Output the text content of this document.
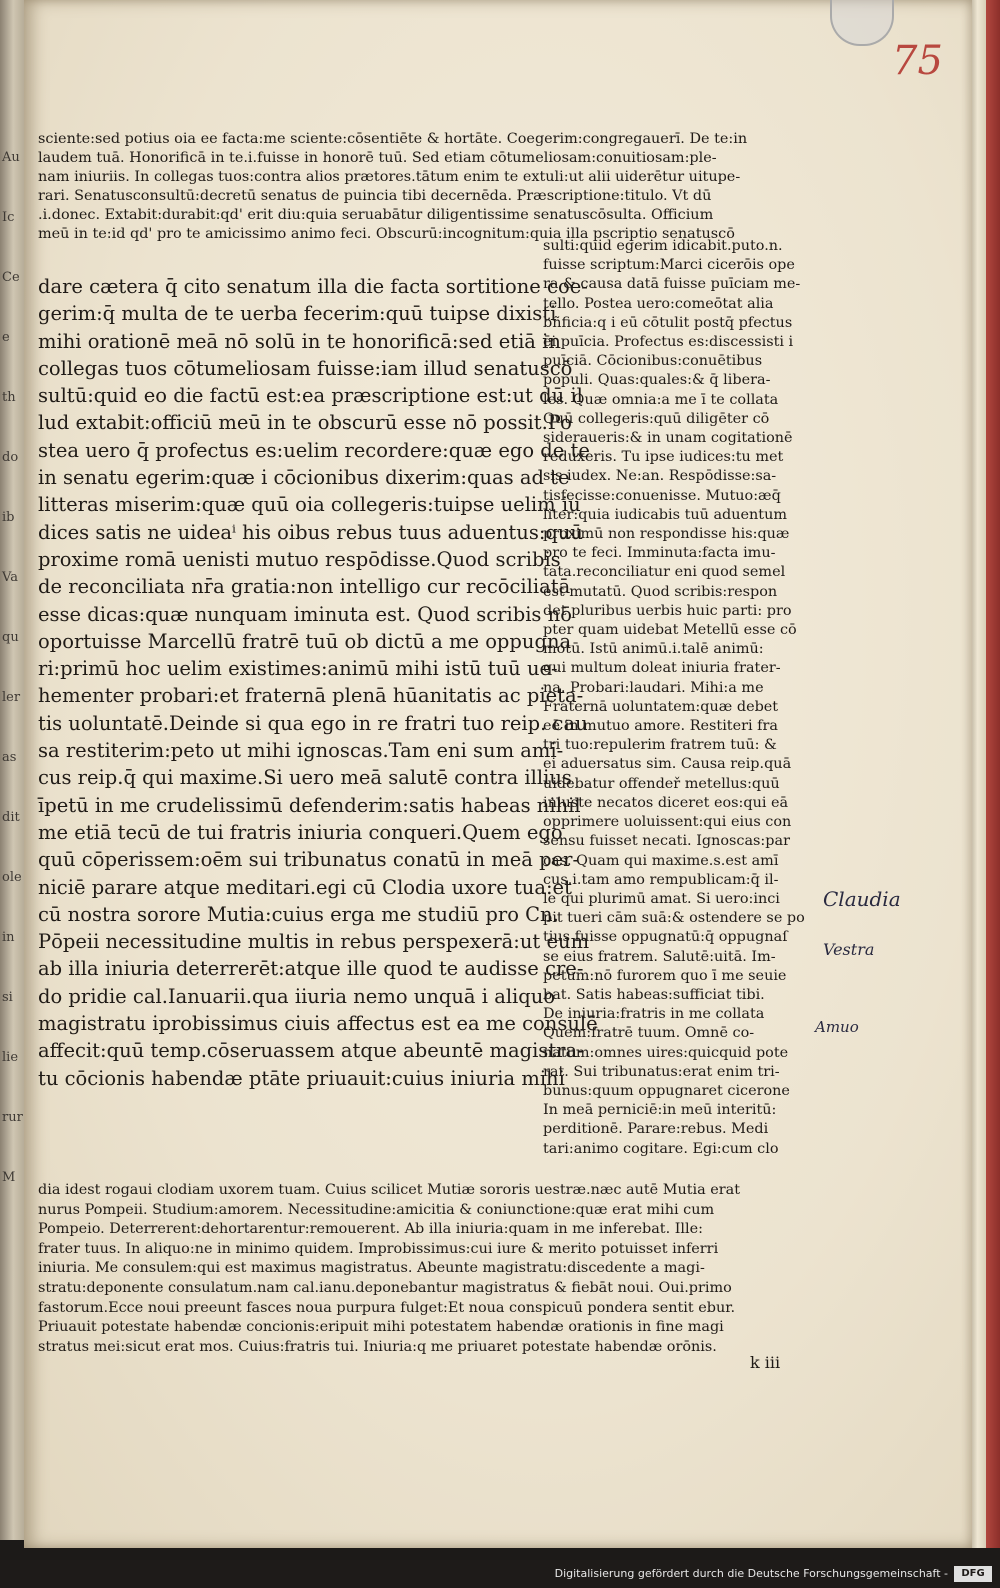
Au
Ic
Ce
e
th
do
ib
Va
qu
ler
as
dit
ole
in
si
lie
rur
M
75
sciente:sed potius oia ee facta:me sciente:cōsentiēte & hortāte. Coegerim:congregauerī. De te:in
laudem tuā. Honorificā in te.i.fuisse in honorē tuū. Sed etiam cōtumeliosam:conuitiosam:ple-
nam iniuriis. In collegas tuos:contra alios prætores.tātum enim te extuli:ut alii uiderētur uitupe-
rari. Senatusconsultū:decretū senatus de puincia tibi decernēda. Præscriptione:titulo. Vt dū
.i.donec. Extabit:durabit:qd' erit diu:quia seruabātur diligentissime senatuscōsulta. Officium
meū in te:id qd' pro te amicissimo animo feci. Obscurū:incognitum:quia illa pscriptio senatuscō
dare cætera q̄ cito senatum illa die facta sortitione coe-
gerim:q̄ multa de te uerba fecerim:quū tuipse dixisti
mihi orationē meā nō solū in te honorificā:sed etiā in
collegas tuos cōtumeliosam fuisse:iam illud senatuscō
sultū:quid eo die factū est:ea præscriptione est:ut dū il
lud extabit:officiū meū in te obscurū esse nō possit.Po
stea uero q̄ profectus es:uelim recordere:quæ ego de te
in senatu egerim:quæ i cōcionibus dixerim:quas ad te
litteras miserim:quæ quū oia collegeris:tuipse uelim iu
dices satis ne uideaⁱ his oibus rebus tuus aduentus:quū
proxime romā uenisti mutuo respōdisse.Quod scribis
de reconciliata nr̄a gratia:non intelligo cur recōciliatā
esse dicas:quæ nunquam iminuta est. Quod scribis nō
oportuisse Marcellū fratrē tuū ob dictū a me oppugna
ri:primū hoc uelim existimes:animū mihi istū tuū ue-
hementer probari:et fraternā plenā hūanitatis ac pieta-
tis uoluntatē.Deinde si qua ego in re fratri tuo reip. cau
sa restiterim:peto ut mihi ignoscas.Tam eni sum ami-
cus reip.q̄ qui maxime.Si uero meā salutē contra illius
īpetū in me crudelissimū defenderim:satis habeas nihil
me etiā tecū de tui fratris iniuria conqueri.Quem ego
quū cōperissem:oēm sui tribunatus conatū in meā per-
niciē parare atque meditari.egi cū Clodia uxore tua:et
cū nostra sorore Mutia:cuius erga me studiū pro Cn.
Pōpeii necessitudine multis in rebus perspexerā:ut eum
ab illa iniuria deterrerēt:atque ille quod te audisse cre-
do pridie cal.Ianuarii.qua iiuria nemo unquā i aliquo
magistratu iprobissimus ciuis affectus est ea me consulē
affecit:quū temp.cōseruassem atque abeuntē magistra-
tu cōcionis habendæ ptāte priuauit:cuius iniuria mihi
sulti:quid egerim idicabit.puto.n.
fuisse scriptum:Marci cicerōis ope
ra & causa datā fuisse puīciam me-
tello. Postea uero:comeōtat alia
bñficia:q i eū cōtulit postq̄ pfectus
ēi puīcia. Profectus es:discessisti i
puīciā. Cōcionibus:conuētibus
populi. Quas:quales:& q̄ libera-
les. Quæ omnia:a me ī te collata
Quū collegeris:quū diligēter cō
sideraueris:& in unam cogitationē
reduxeris. Tu ipse iudices:tu met
sis iudex. Ne:an. Respōdisse:sa-
tisfecisse:conuenisse. Mutuo:æq̄
liter:quia iudicabis tuū aduentum
proximū non respondisse his:quæ
pro te feci. Imminuta:facta imu-
tata.reconciliatur eni quod semel
est mutatū. Quod scribis:respon
det pluribus uerbis huic parti: pro
pter quam uidebat Metellū esse cō
motū. Istū animū.i.talē animū:
qui multum doleat iniuria frater-
na. Probari:laudari. Mihi:a me
Fraternā uoluntatem:quæ debet
eē in mutuo amore. Restiteri fra
tri tuo:repulerim fratrem tuū: &
ei aduersatus sim. Causa reip.quā
uidebatur offendeř metellus:quū
iniuste necatos diceret eos:qui eā
opprimere uoluissent:qui eius con
sensu fuisset necati. Ignoscas:par
cas. Quam qui maxime.s.est amī
cus.i.tam amo rempublicam:q̄ il-
le qui plurimū amat. Si uero:inci
pit tueri cām suā:& ostendere se po
tius fuisse oppugnatū:q̄ oppugnaſ
se eius fratrem. Salutē:uitā. Im-
petum:nō furorem quo ī me seuie
bat. Satis habeas:sufficiat tibi.
De iniuria:fratris in me collata
Quem:fratrē tuum. Omnē co-
natum:omnes uires:quicquid pote
rat. Sui tribunatus:erat enim tri-
bunus:quum oppugnaret cicerone
In meā perniciē:in meū interitū:
perditionē. Parare:rebus. Medi
tari:animo cogitare. Egi:cum clo
dia idest rogaui clodiam uxorem tuam. Cuius scilicet Mutiæ sororis uestræ.næc autē Mutia erat
nurus Pompeii. Studium:amorem. Necessitudine:amicitia & coniunctione:quæ erat mihi cum
Pompeio. Deterrerent:dehortarentur:remouerent. Ab illa iniuria:quam in me inferebat. Ille:
frater tuus. In aliquo:ne in minimo quidem. Improbissimus:cui iure & merito potuisset inferri
iniuria. Me consulem:qui est maximus magistratus. Abeunte magistratu:discedente a magi-
stratu:deponente consulatum.nam cal.ianu.deponebantur magistratus & fiebāt noui. Oui.primo
fastorum.Ecce noui preeunt fasces noua purpura fulget:Et noua conspicuū pondera sentit ebur.
Priuauit potestate habendæ concionis:eripuit mihi potestatem habendæ orationis in fine magi
stratus mei:sicut erat mos. Cuius:fratris tui. Iniuria:q me priuaret potestate habendæ orōnis.
k iii
Claudia
Vestra
Amuo
Digitalisierung gefördert durch die Deutsche Forschungsgemeinschaft -	DFG
